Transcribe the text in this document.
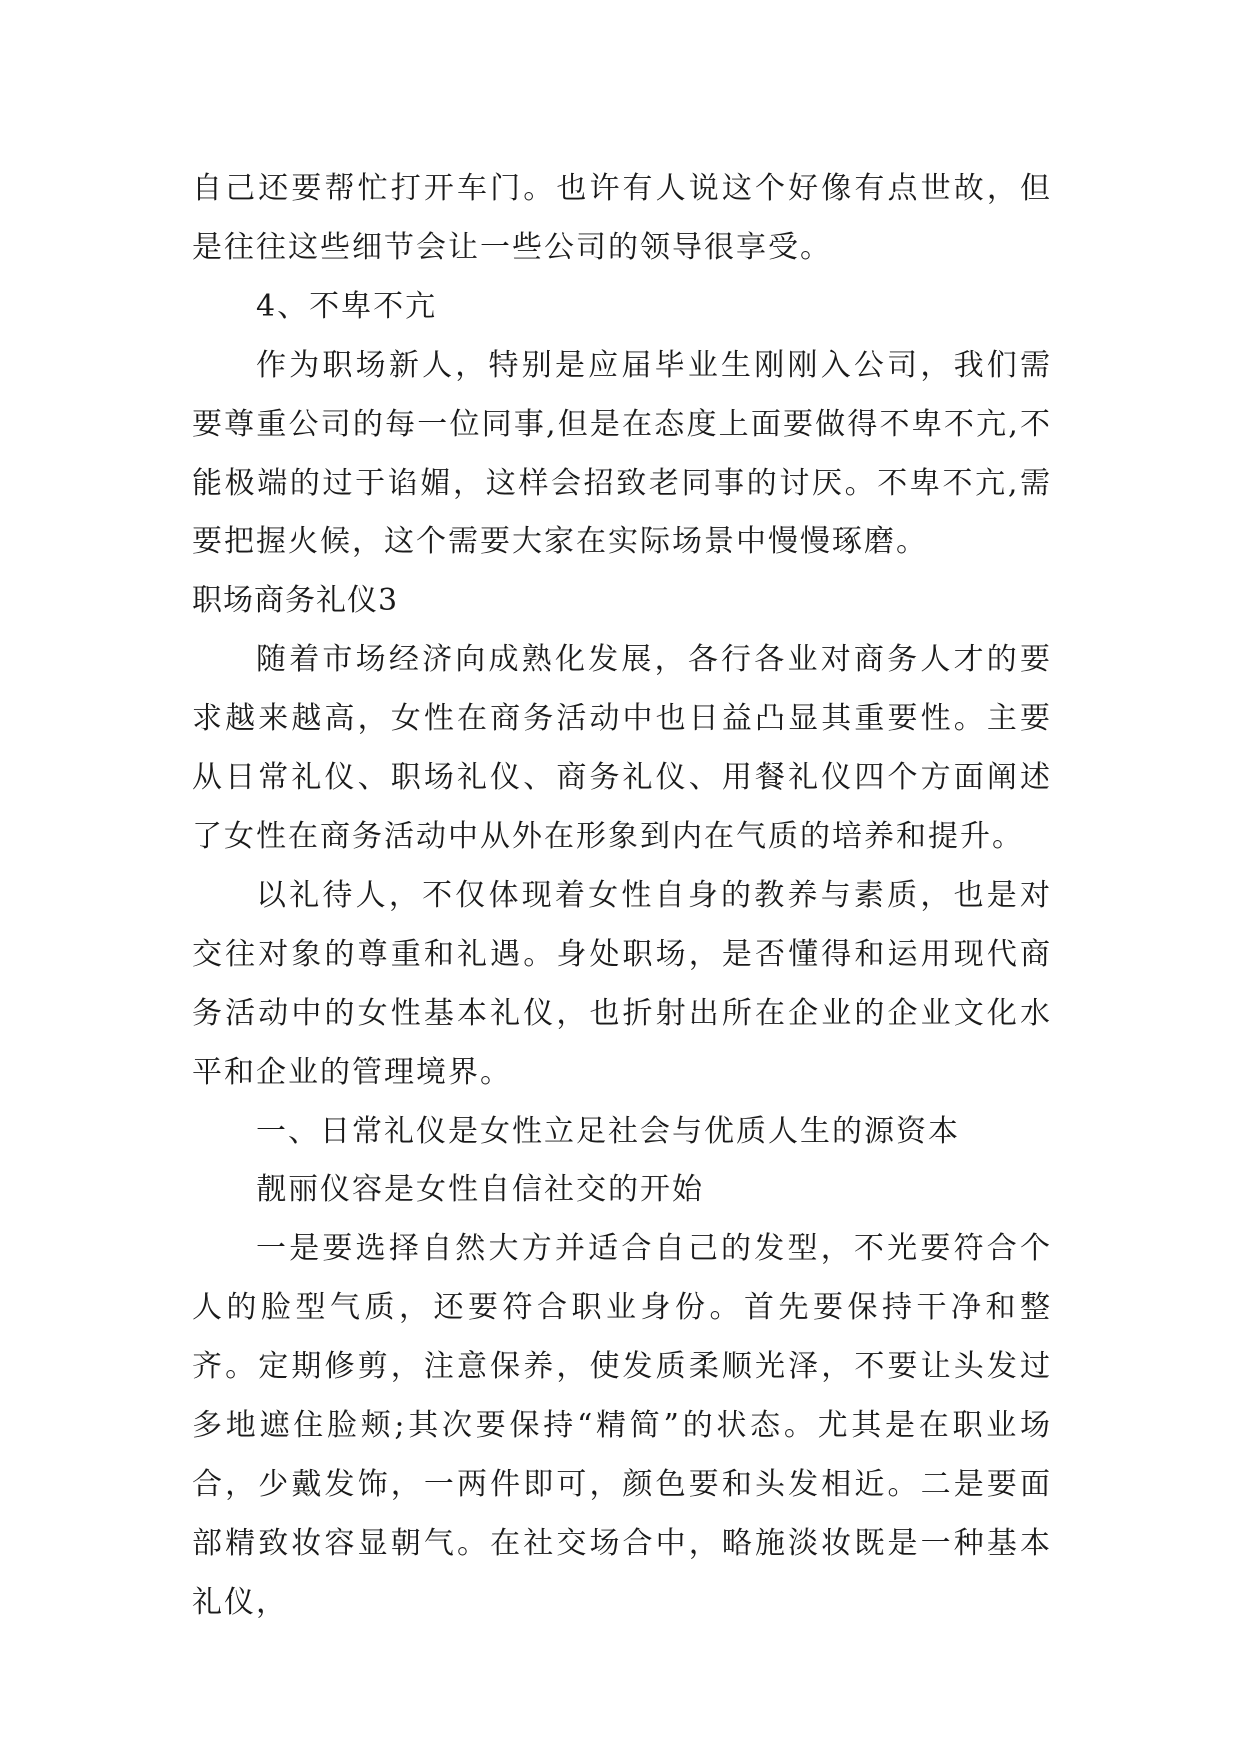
自己还要帮忙打开车门。也许有人说这个好像有点世故，但是往往这些细节会让一些公司的领导很享受。

4、不卑不亢

作为职场新人，特别是应届毕业生刚刚入公司，我们需要尊重公司的每一位同事,但是在态度上面要做得不卑不亢,不能极端的过于谄媚，这样会招致老同事的讨厌。不卑不亢,需要把握火候，这个需要大家在实际场景中慢慢琢磨。

职场商务礼仪3

随着市场经济向成熟化发展，各行各业对商务人才的要求越来越高，女性在商务活动中也日益凸显其重要性。主要从日常礼仪、职场礼仪、商务礼仪、用餐礼仪四个方面阐述了女性在商务活动中从外在形象到内在气质的培养和提升。

以礼待人，不仅体现着女性自身的教养与素质，也是对交往对象的尊重和礼遇。身处职场，是否懂得和运用现代商务活动中的女性基本礼仪，也折射出所在企业的企业文化水平和企业的管理境界。

一、日常礼仪是女性立足社会与优质人生的源资本

靓丽仪容是女性自信社交的开始

一是要选择自然大方并适合自己的发型，不光要符合个人的脸型气质，还要符合职业身份。首先要保持干净和整齐。定期修剪，注意保养，使发质柔顺光泽，不要让头发过多地遮住脸颊;其次要保持“精简”的状态。尤其是在职业场合，少戴发饰，一两件即可，颜色要和头发相近。二是要面部精致妆容显朝气。在社交场合中，略施淡妆既是一种基本礼仪，
